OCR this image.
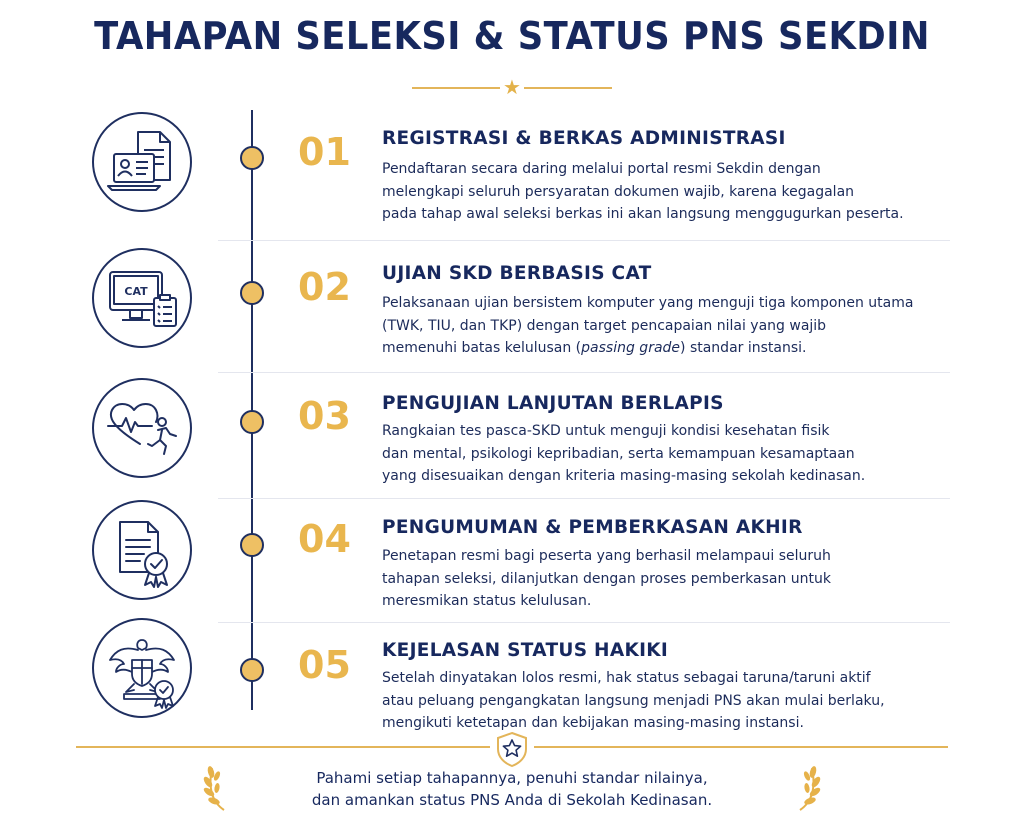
TAHAPAN SELEKSI & STATUS PNS SEKDIN
★
01 REGISTRASI & BERKAS ADMINISTRASI
Pendaftaran secara daring melalui portal resmi Sekdin dengan
melengkapi seluruh persyaratan dokumen wajib, karena kegagalan
pada tahap awal seleksi berkas ini akan langsung menggugurkan peserta.
CAT	02 UJIAN SKD BERBASIS CAT
Pelaksanaan ujian bersistem komputer yang menguji tiga komponen utama
(TWK, TIU, dan TKP) dengan target pencapaian nilai yang wajib
memenuhi batas kelulusan (passing grade) standar instansi.
03 PENGUJIAN LANJUTAN BERLAPIS
Rangkaian tes pasca-SKD untuk menguji kondisi kesehatan fisik
dan mental, psikologi kepribadian, serta kemampuan kesamaptaan
yang disesuaikan dengan kriteria masing-masing sekolah kedinasan.
04 PENGUMUMAN & PEMBERKASAN AKHIR
Penetapan resmi bagi peserta yang berhasil melampaui seluruh
tahapan seleksi, dilanjutkan dengan proses pemberkasan untuk
meresmikan status kelulusan.
05 KEJELASAN STATUS HAKIKI
Setelah dinyatakan lolos resmi, hak status sebagai taruna/taruni aktif
atau peluang pengangkatan langsung menjadi PNS akan mulai berlaku,
mengikuti ketetapan dan kebijakan masing-masing instansi.
Pahami setiap tahapannya, penuhi standar nilainya,
dan amankan status PNS Anda di Sekolah Kedinasan.
